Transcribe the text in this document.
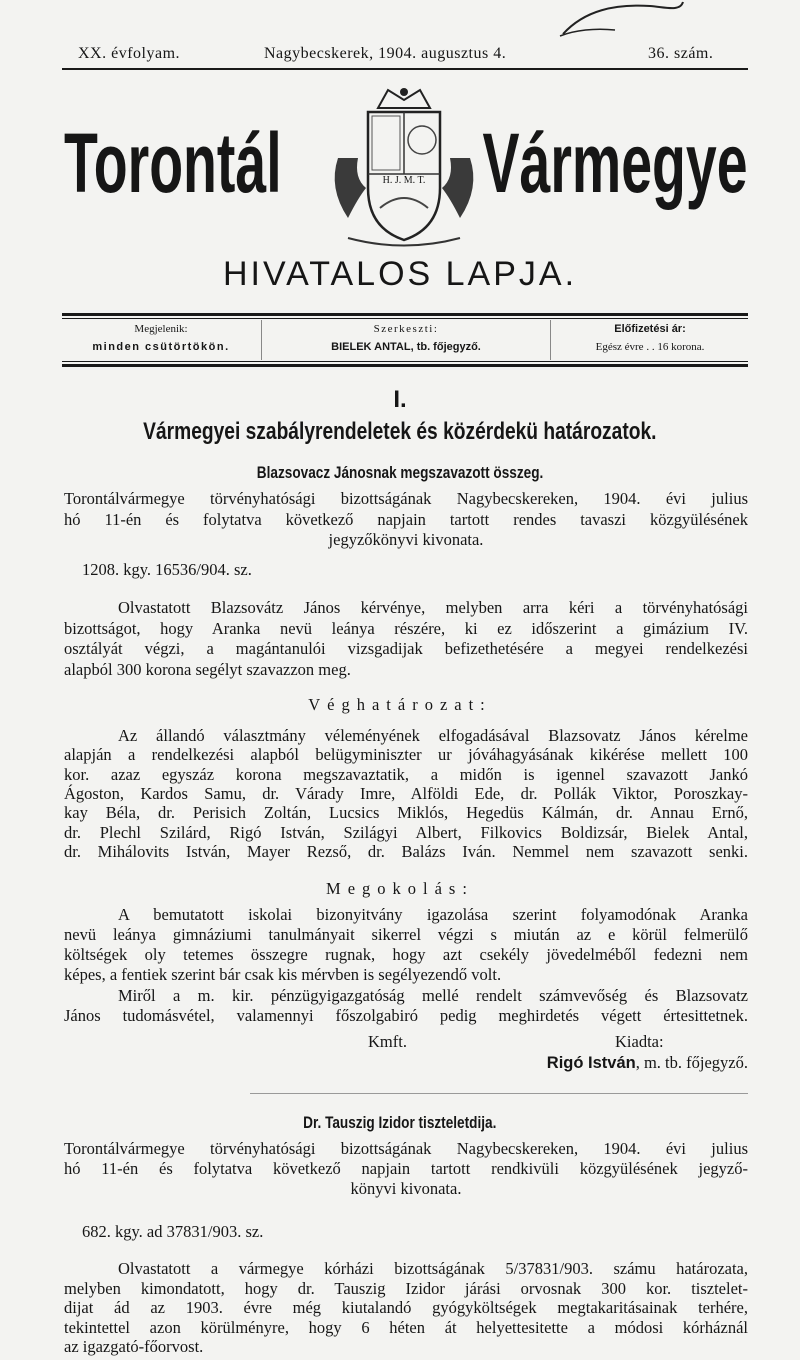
XX. évfolyam.	Nagybecskerek, 1904. augusztus 4.	36. szám.
Torontál Vármegye
H. J. M. T.
HIVATALOS LAPJA.
Megjelenik:
minden csütörtökön.
Szerkeszti:
BIELEK ANTAL, tb. főjegyző.
Előfizetési ár:
Egész évre . . 16 korona.
I.
Vármegyei szabályrendeletek és közérdekü határozatok.
Blazsovacz Jánosnak megszavazott összeg.
1208. kgy. 16536/904. sz.
Véghatározat:
Megokolás:
Kmft.	Kiadta:
Rigó István, m. tb. főjegyző.
Dr. Tauszig Izidor tiszteletdija.
682. kgy. ad 37831/903. sz.
Torontálvármegye törvényhatósági bizottságának Nagybecskereken, 1904. évi julius
hó 11-én és folytatva következő napjain tartott rendes tavaszi közgyülésének
jegyzőkönyvi kivonata.
Olvastatott Blazsovátz János kérvénye, melyben arra kéri a törvényhatósági
bizottságot, hogy Aranka nevü leánya részére, ki ez időszerint a gimázium IV.
osztályát végzi, a magántanulói vizsgadijak befizethetésére a megyei rendelkezési
alapból 300 korona segélyt szavazzon meg.
Az állandó választmány véleményének elfogadásával Blazsovatz János kérelme
alapján a rendelkezési alapból belügyminiszter ur jóváhagyásának kikérése mellett 100
kor. azaz egyszáz korona megszavaztatik, a midőn is igennel szavazott Jankó
Ágoston, Kardos Samu, dr. Várady Imre, Alföldi Ede, dr. Pollák Viktor, Poroszkay-
kay Béla, dr. Perisich Zoltán, Lucsics Miklós, Hegedüs Kálmán, dr. Annau Ernő,
dr. Plechl Szilárd, Rigó István, Szilágyi Albert, Filkovics Boldizsár, Bielek Antal,
dr. Mihálovits István, Mayer Rezső, dr. Balázs Iván. Nemmel nem szavazott senki.
A bemutatott iskolai bizonyitvány igazolása szerint folyamodónak Aranka
nevü leánya gimnáziumi tanulmányait sikerrel végzi s miután az e körül felmerülő
költségek oly tetemes összegre rugnak, hogy azt csekély jövedelméből fedezni nem
képes, a fentiek szerint bár csak kis mérvben is segélyezendő volt.
Miről a m. kir. pénzügyigazgatóság mellé rendelt számvevőség és Blazsovatz
János tudomásvétel, valamennyi főszolgabiró pedig meghirdetés végett értesittetnek.
Torontálvármegye törvényhatósági bizottságának Nagybecskereken, 1904. évi julius
hó 11-én és folytatva következő napjain tartott rendkivüli közgyülésének jegyző-
könyvi kivonata.
Olvastatott a vármegye kórházi bizottságának 5/37831/903. számu határozata,
melyben kimondatott, hogy dr. Tauszig Izidor járási orvosnak 300 kor. tisztelet-
dijat ád az 1903. évre még kiutalandó gyógyköltségek megtakaritásainak terhére,
tekintettel azon körülményre, hogy 6 héten át helyettesitette a módosi kórháznál
az igazgató-főorvost.
